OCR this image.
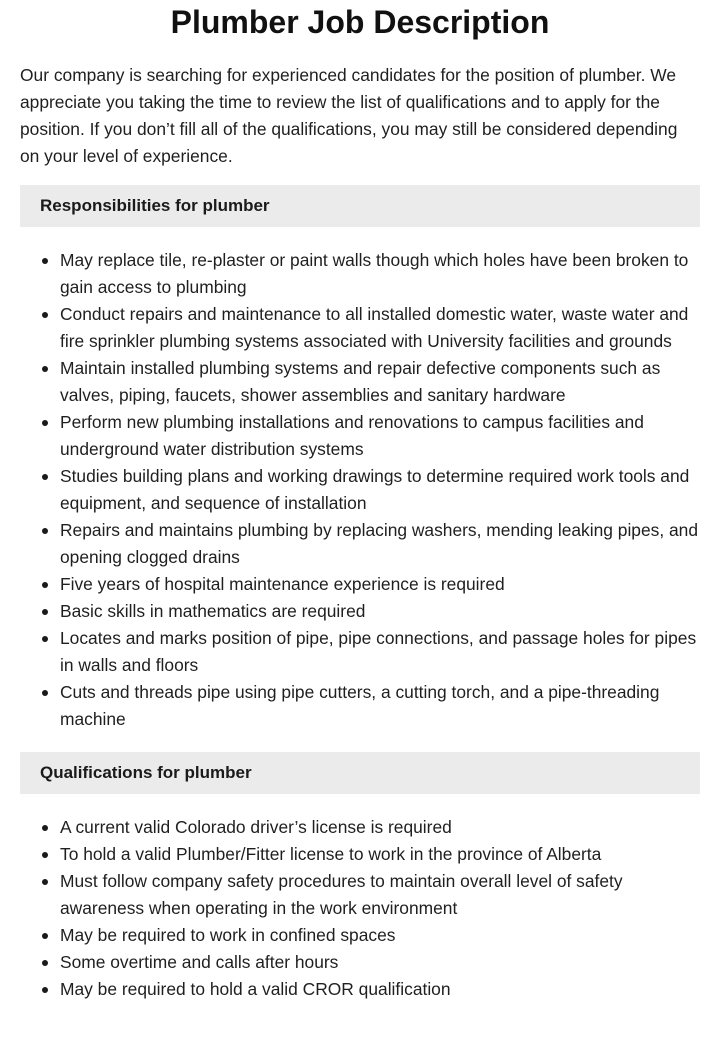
Plumber Job Description

Our company is searching for experienced candidates for the position of plumber. We appreciate you taking the time to review the list of qualifications and to apply for the position. If you don’t fill all of the qualifications, you may still be considered depending on your level of experience.

Responsibilities for plumber
May replace tile, re-plaster or paint walls though which holes have been broken to gain access to plumbing
Conduct repairs and maintenance to all installed domestic water, waste water and fire sprinkler plumbing systems associated with University facilities and grounds
Maintain installed plumbing systems and repair defective components such as valves, piping, faucets, shower assemblies and sanitary hardware
Perform new plumbing installations and renovations to campus facilities and underground water distribution systems
Studies building plans and working drawings to determine required work tools and equipment, and sequence of installation
Repairs and maintains plumbing by replacing washers, mending leaking pipes, and opening clogged drains
Five years of hospital maintenance experience is required
Basic skills in mathematics are required
Locates and marks position of pipe, pipe connections, and passage holes for pipes in walls and floors
Cuts and threads pipe using pipe cutters, a cutting torch, and a pipe-threading machine
Qualifications for plumber
A current valid Colorado driver’s license is required
To hold a valid Plumber/Fitter license to work in the province of Alberta
Must follow company safety procedures to maintain overall level of safety awareness when operating in the work environment
May be required to work in confined spaces
Some overtime and calls after hours
May be required to hold a valid CROR qualification
